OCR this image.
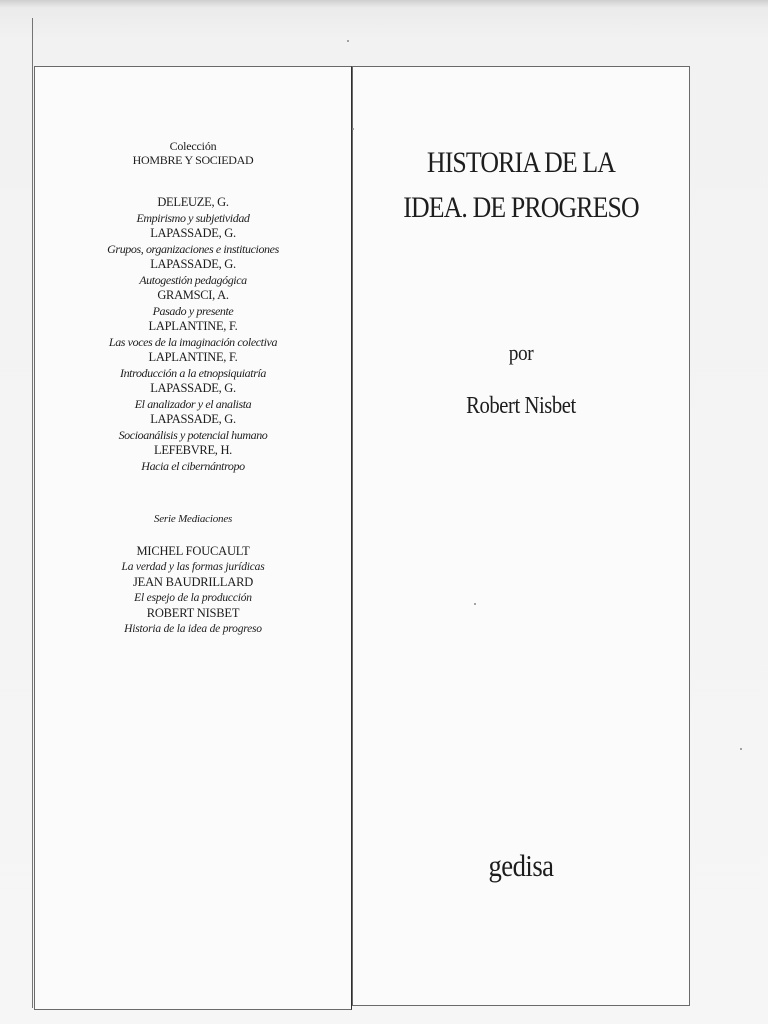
Colección
HOMBRE Y SOCIEDAD
DELEUZE, G.
Empirismo y subjetividad
LAPASSADE, G.
Grupos, organizaciones e instituciones
LAPASSADE, G.
Autogestión pedagógica
GRAMSCI, A.
Pasado y presente
LAPLANTINE, F.
Las voces de la imaginación colectiva
LAPLANTINE, F.
Introducción a la etnopsiquiatría
LAPASSADE, G.
El analizador y el analista
LAPASSADE, G.
Socioanálisis y potencial humano
LEFEBVRE, H.
Hacia el cibernántropo
Serie Mediaciones
MICHEL FOUCAULT
La verdad y las formas jurídicas
JEAN BAUDRILLARD
El espejo de la producción
ROBERT NISBET
Historia de la idea de progreso
HISTORIA DE LA
IDEA. DE PROGRESO
por
Robert Nisbet
gedisa
